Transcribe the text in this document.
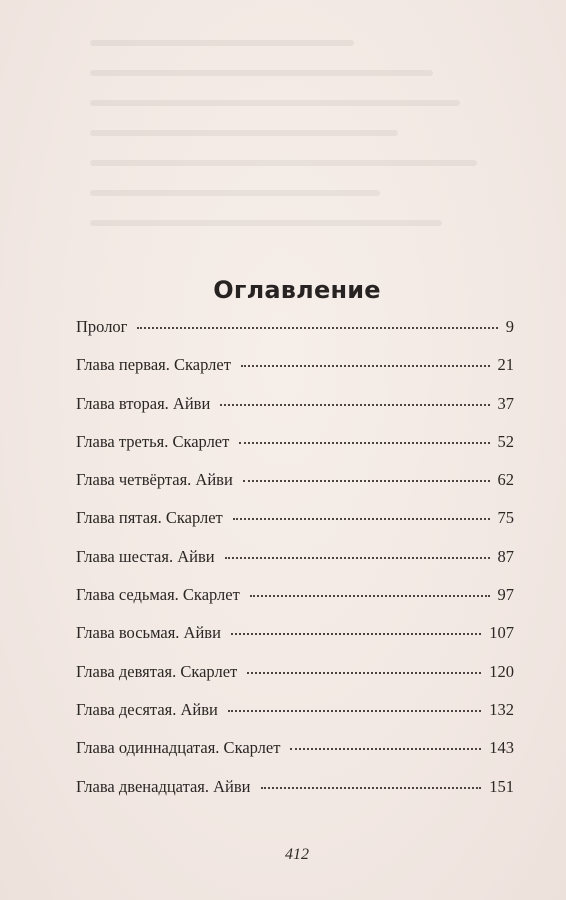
Оглавление
Пролог	9
Глава первая. Скарлет	21
Глава вторая. Айви	37
Глава третья. Скарлет	52
Глава четвёртая. Айви	62
Глава пятая. Скарлет	75
Глава шестая. Айви	87
Глава седьмая. Скарлет	97
Глава восьмая. Айви	107
Глава девятая. Скарлет	120
Глава десятая. Айви	132
Глава одиннадцатая. Скарлет	143
Глава двенадцатая. Айви	151
412
